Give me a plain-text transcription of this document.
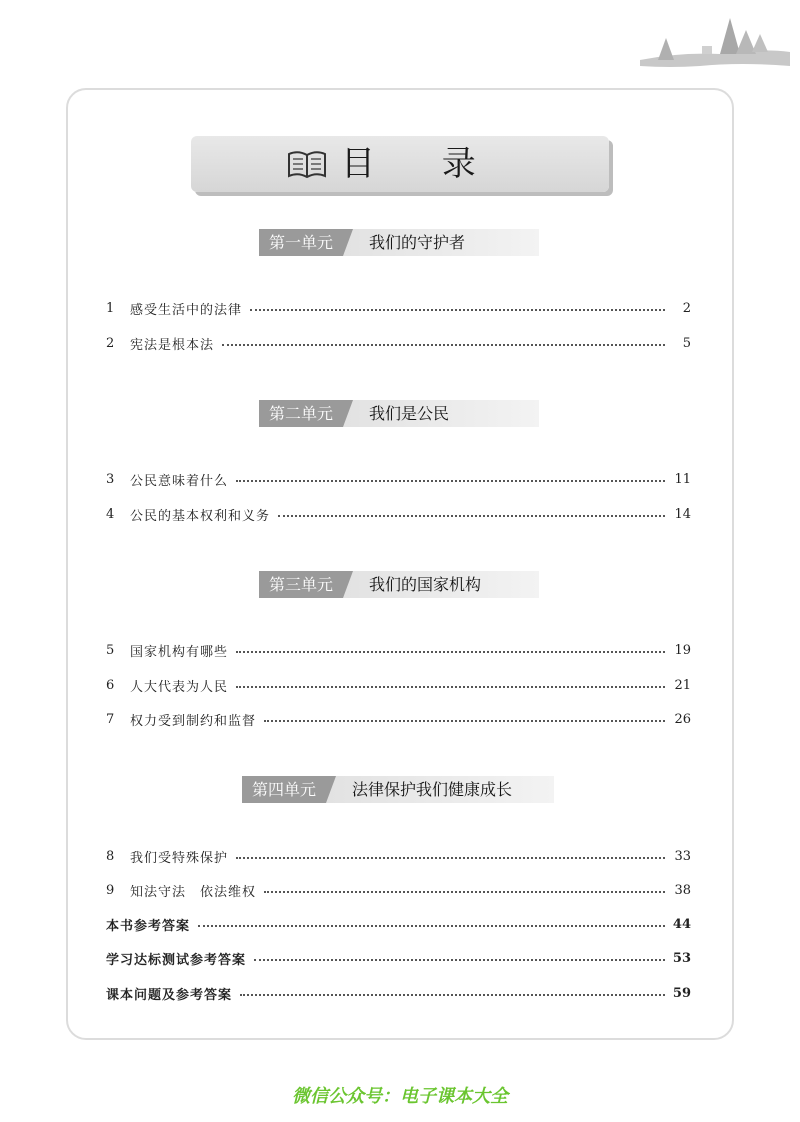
目 录
第一单元	我们的守护者
1	感受生活中的法律	2
2	宪法是根本法	5
第二单元	我们是公民
3	公民意味着什么	11
4	公民的基本权利和义务	14
第三单元	我们的国家机构
5	国家机构有哪些	19
6	人大代表为人民	21
7	权力受到制约和监督	26
第四单元	法律保护我们健康成长
8	我们受特殊保护	33
9	知法守法　依法维权	38
本书参考答案	44
学习达标测试参考答案	53
课本问题及参考答案	59
微信公众号：电子课本大全
